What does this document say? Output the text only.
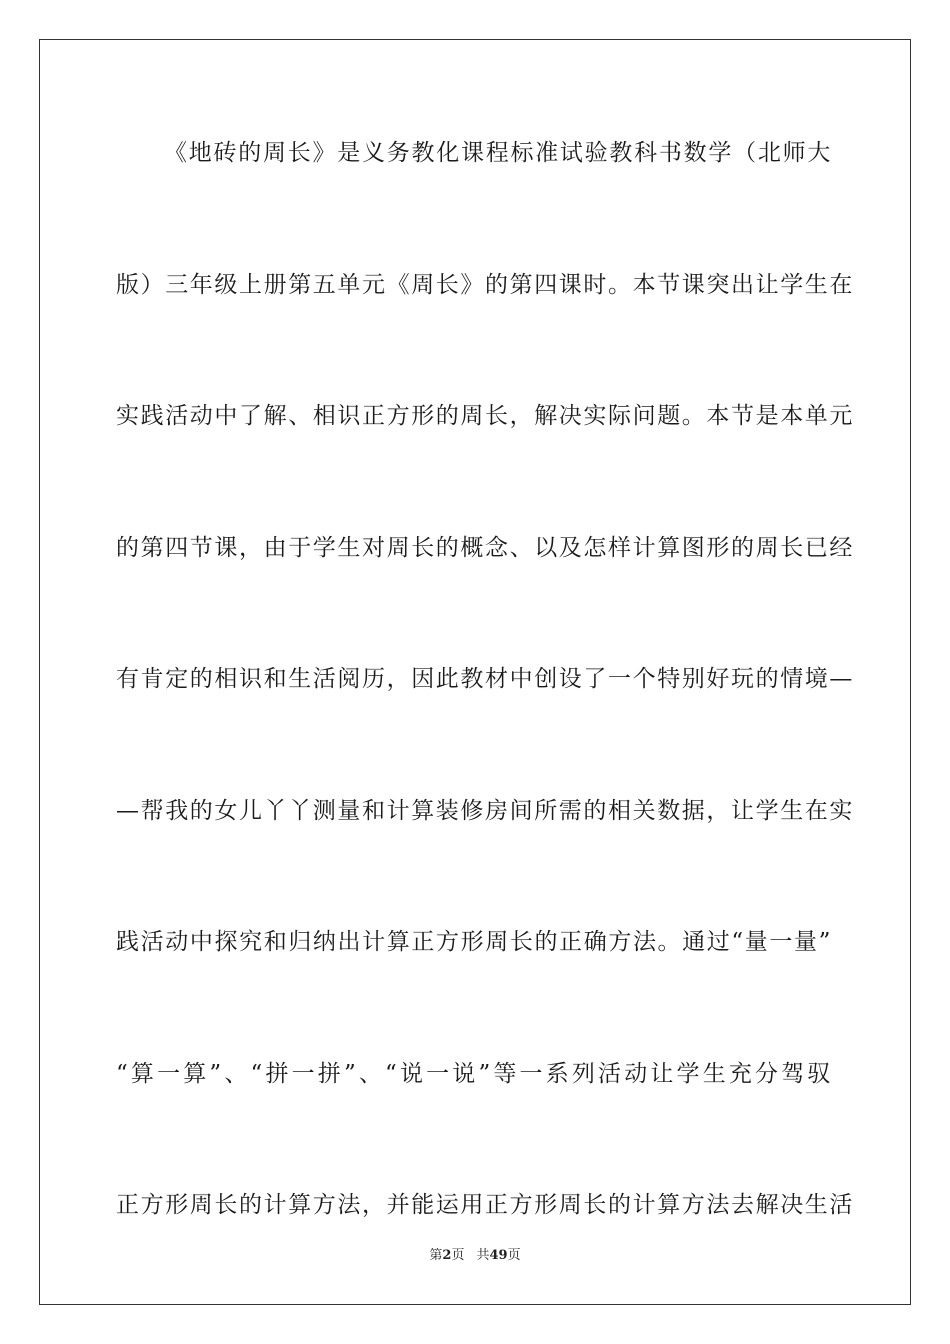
《地砖的周长》是义务教化课程标准试验教科书数学（北师大
版）三年级上册第五单元《周长》的第四课时。本节课突出让学生在
实践活动中了解、相识正方形的周长，解决实际问题。本节是本单元
的第四节课，由于学生对周长的概念、以及怎样计算图形的周长已经
有肯定的相识和生活阅历，因此教材中创设了一个特别好玩的情境—
—帮我的女儿丫丫测量和计算装修房间所需的相关数据，让学生在实
践活动中探究和归纳出计算正方形周长的正确方法。通过“量一量”
“算一算”、“拼一拼”、“说一说”等一系列活动让学生充分驾驭
正方形周长的计算方法，并能运用正方形周长的计算方法去解决生活
第2页 共49页
